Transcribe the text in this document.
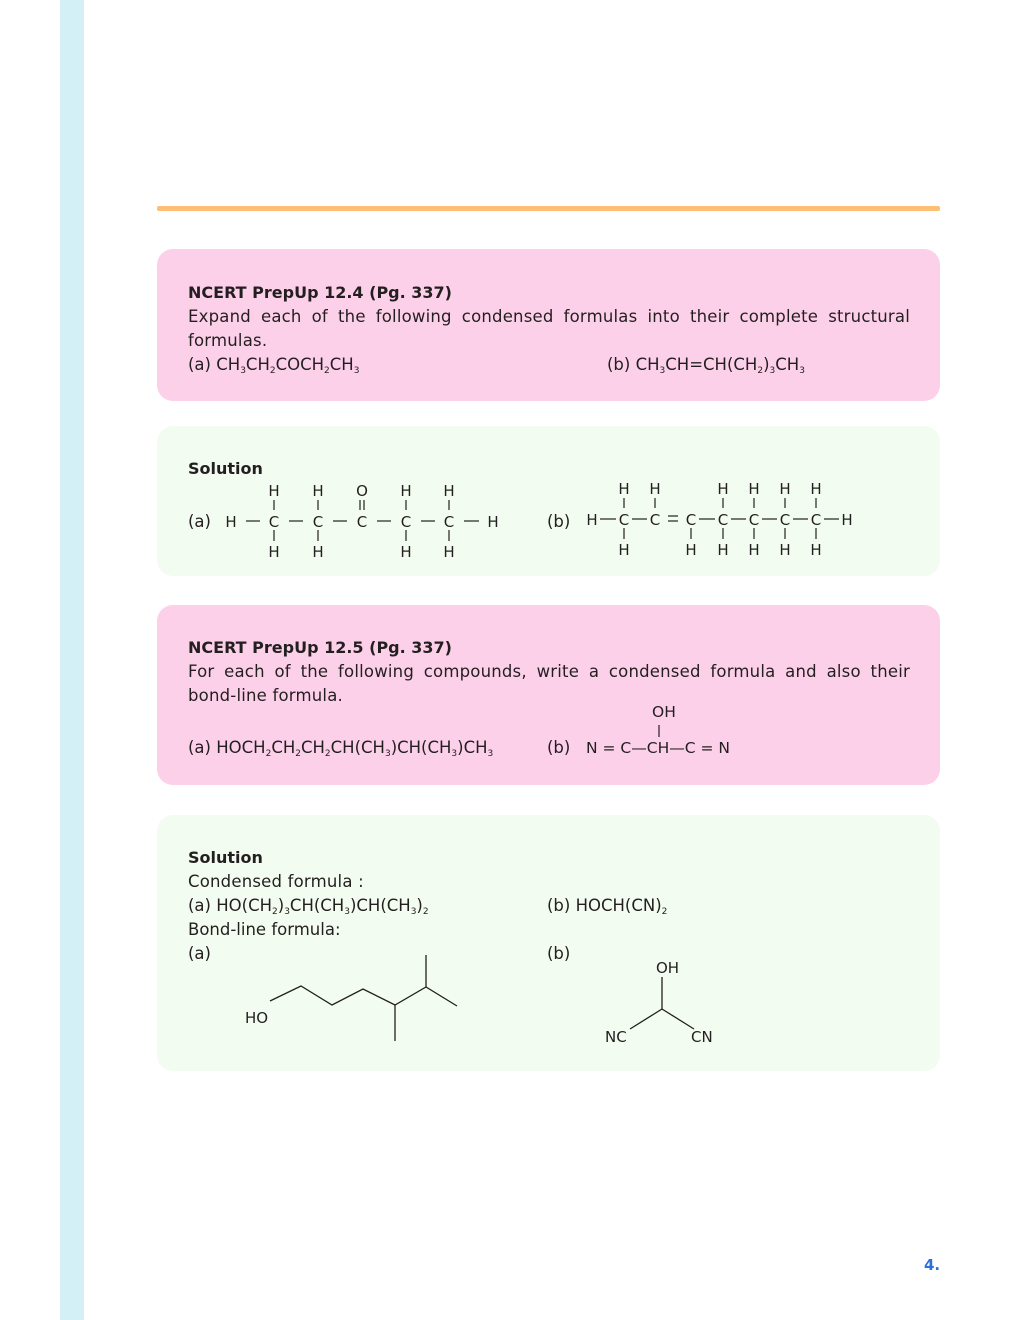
NCERT PrepUp 12.4 (Pg. 337)
Expand each of the following condensed formulas into their complete structural formulas.
(a) $CH_3CH_2COCH_2CH_3$	(b) $CH_3CH=CH(CH_2)_3CH_3$
Solution
(a)	(b)
H C C C C C H
H H O H H
H H	H H
H C C C C C C C H
H H	H H H H
H	H H H H H
NCERT PrepUp 12.5 (Pg. 337)
For each of the following compounds, write a condensed formula and also their bond-line formula.
(a) $HOCH_2CH_2CH_2CH(CH_3)CH(CH_3)CH_3$	(b) N = C—CH—C = N
OH
Solution
Condensed formula :
(a) $HO(CH_2)_3CH(CH_3)CH(CH_3)_2$	(b) $HOCH(CN)_2$
Bond-line formula:
(a)	(b)
HO
OH
NC	CN
4.
